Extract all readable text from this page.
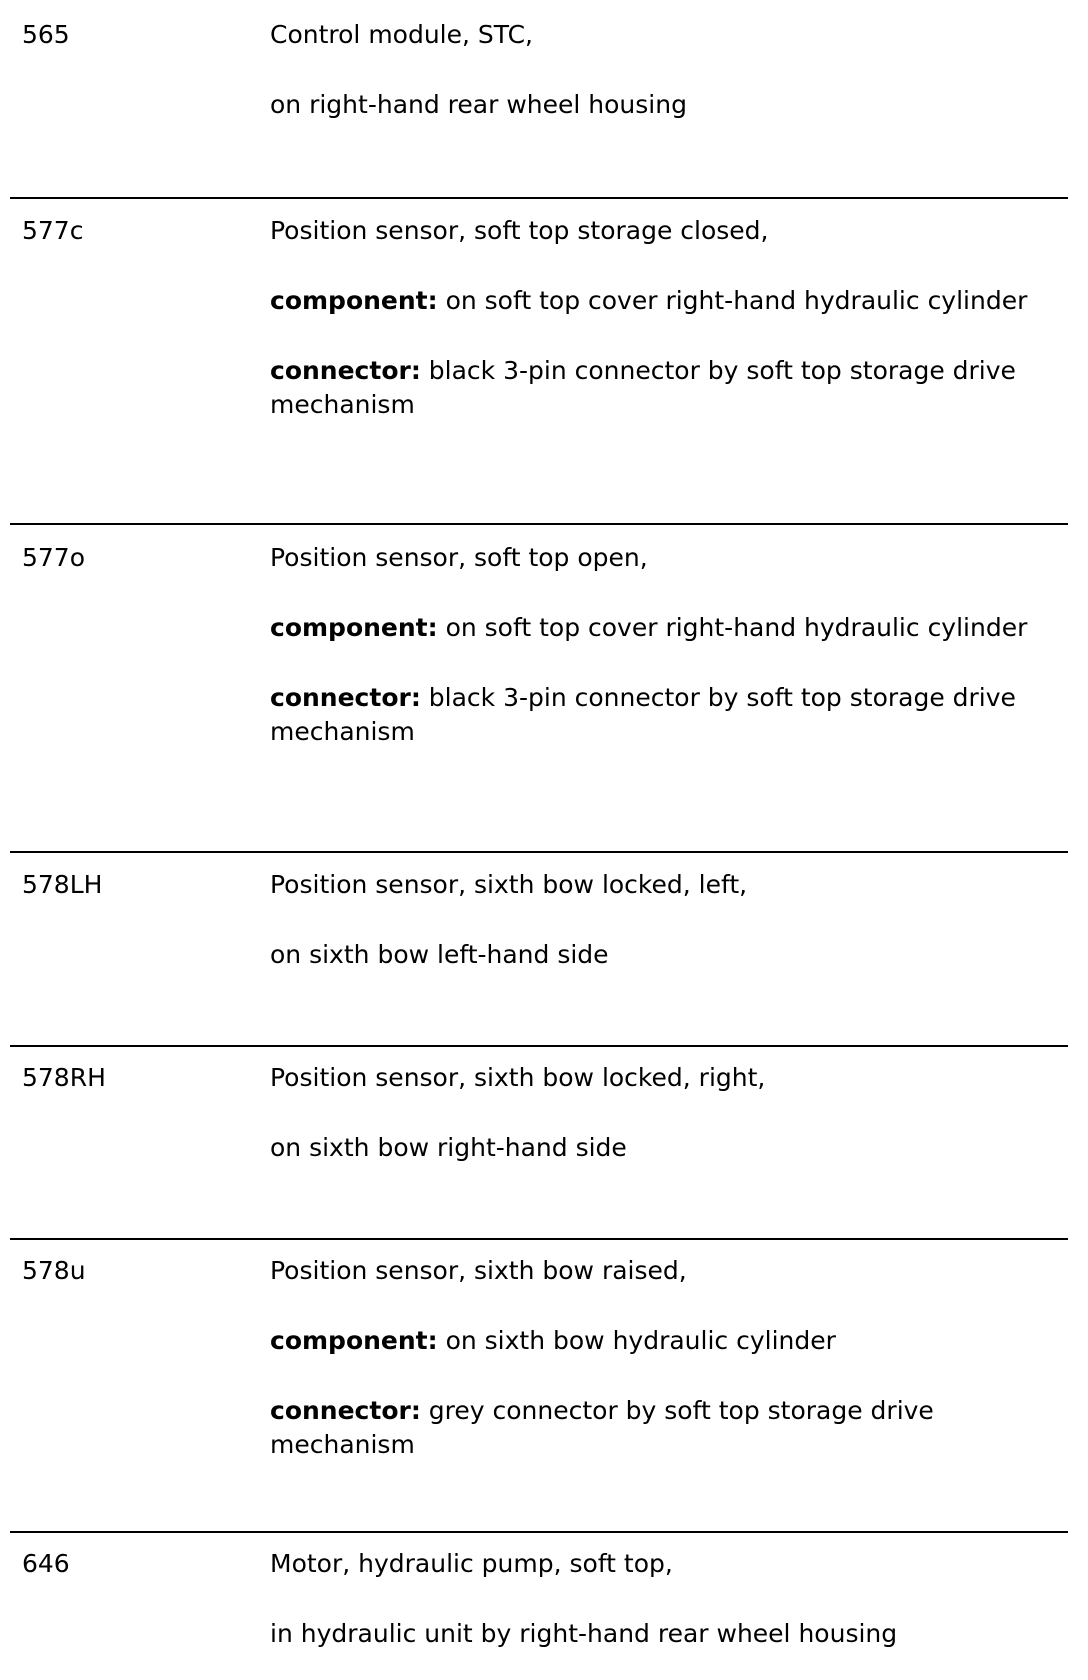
565	Control module, STC,

on right-hand rear wheel housing

577c	Position sensor, soft top storage closed,

component: on soft top cover right-hand hydraulic cylinder

connector: black 3-pin connector by soft top storage drive mechanism

577o	Position sensor, soft top open,

component: on soft top cover right-hand hydraulic cylinder

connector: black 3-pin connector by soft top storage drive mechanism

578LH	Position sensor, sixth bow locked, left,

on sixth bow left-hand side

578RH	Position sensor, sixth bow locked, right,

on sixth bow right-hand side

578u	Position sensor, sixth bow raised,

component: on sixth bow hydraulic cylinder

connector: grey connector by soft top storage drive mechanism

646	Motor, hydraulic pump, soft top,

in hydraulic unit by right-hand rear wheel housing
